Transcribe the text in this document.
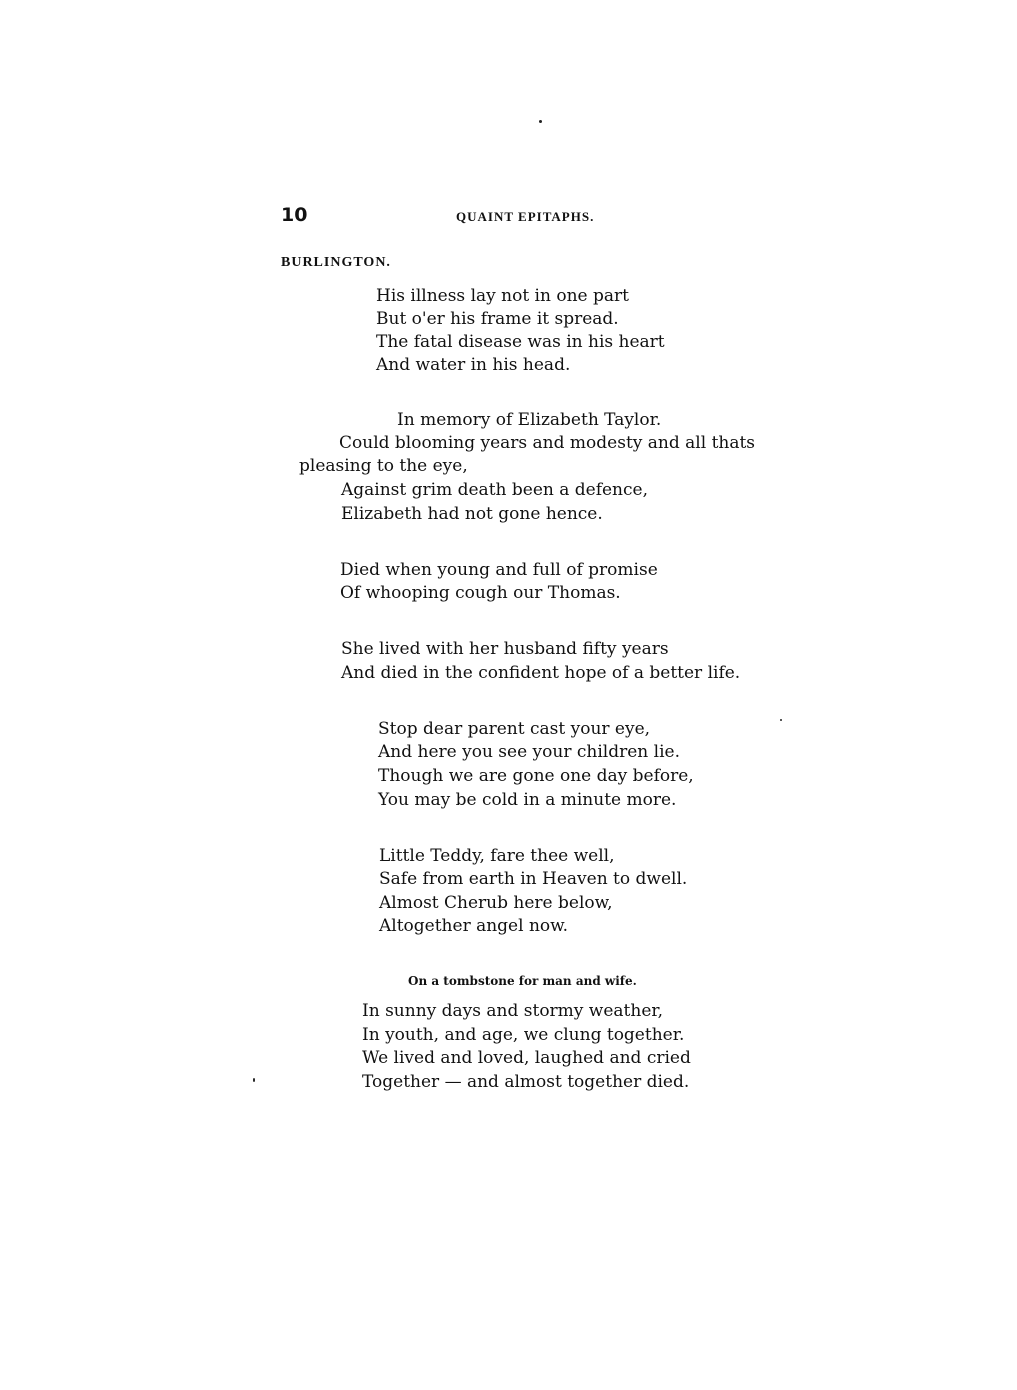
10	QUAINT EPITAPHS.
BURLINGTON.
His illness lay not in one part
But o'er his frame it spread.
The fatal disease was in his heart
And water in his head.
In memory of Elizabeth Taylor.
Could blooming years and modesty and all thats
pleasing to the eye,
Against grim death been a defence,
Elizabeth had not gone hence.
Died when young and full of promise
Of whooping cough our Thomas.
She lived with her husband fifty years
And died in the confident hope of a better life.
Stop dear parent cast your eye,
And here you see your children lie.
Though we are gone one day before,
You may be cold in a minute more.
Little Teddy, fare thee well,
Safe from earth in Heaven to dwell.
Almost Cherub here below,
Altogether angel now.
On a tombstone for man and wife.
In sunny days and stormy weather,
In youth, and age, we clung together.
We lived and loved, laughed and cried
Together — and almost together died.
